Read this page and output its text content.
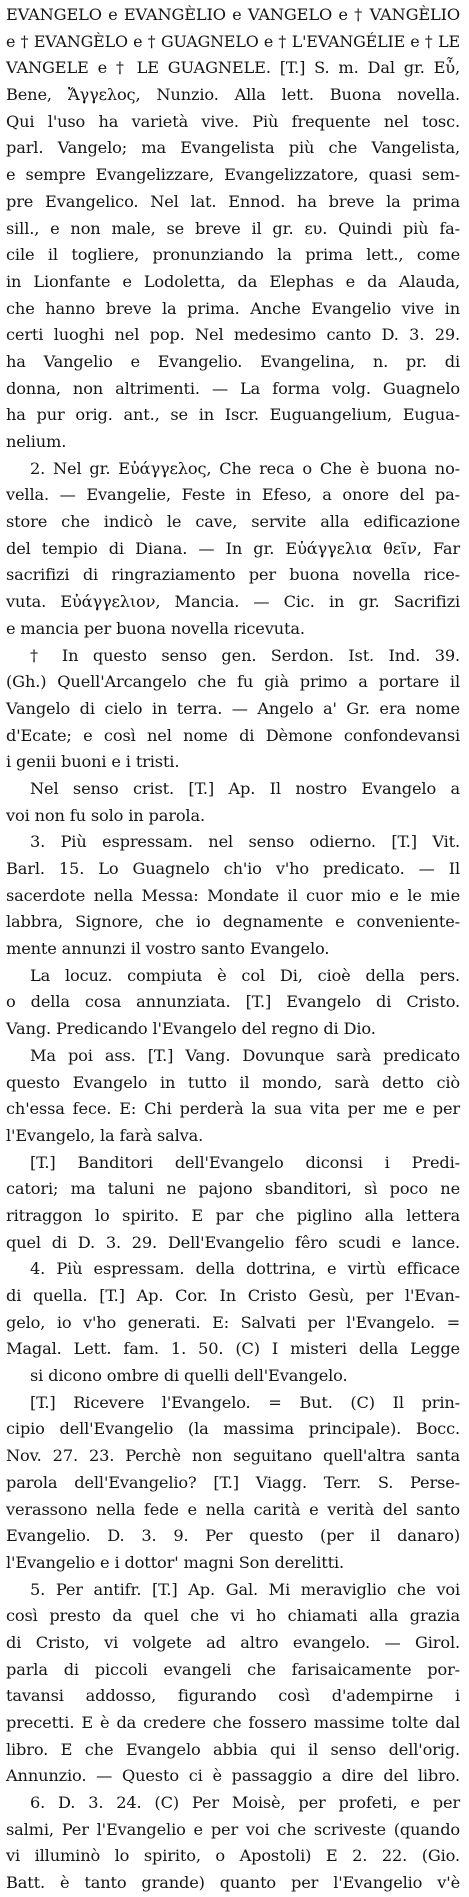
EVANGELO e EVANGÈLIO e VANGELO e † VANGÈLIO
e † EVANGÈLO e † GUAGNELO e † L'EVANGÉLIE e † LE
VANGELE e † LE GUAGNELE. [T.] S. m. Dal gr. Εὖ,
Bene, Ἄγγελος, Nunzio. Alla lett. Buona novella.
Qui l'uso ha varietà vive. Più frequente nel tosc.
parl. Vangelo; ma Evangelista più che Vangelista,
e sempre Evangelizzare, Evangelizzatore, quasi sem-
pre Evangelico. Nel lat. Ennod. ha breve la prima
sill., e non male, se breve il gr. ευ. Quindi più fa-
cile il togliere, pronunziando la prima lett., come
in Lionfante e Lodoletta, da Elephas e da Alauda,
che hanno breve la prima. Anche Evangelio vive in
certi luoghi nel pop. Nel medesimo canto D. 3. 29.
ha Vangelio e Evangelio. Evangelina, n. pr. di
donna, non altrimenti. — La forma volg. Guagnelo
ha pur orig. ant., se in Iscr. Euguangelium, Eugua-
nelium.
2. Nel gr. Εὐάγγελος, Che reca o Che è buona no-
vella. — Evangelie, Feste in Efeso, a onore del pa-
store che indicò le cave, servite alla edificazione
del tempio di Diana. — In gr. Εὐάγγελια θεῖν, Far
sacrifizi di ringraziamento per buona novella rice-
vuta. Εὐάγγελιον, Mancia. — Cic. in gr. Sacrifizi
e mancia per buona novella ricevuta.
† In questo senso gen. Serdon. Ist. Ind. 39.
(Gh.) Quell'Arcangelo che fu già primo a portare il
Vangelo di cielo in terra. — Angelo a' Gr. era nome
d'Ecate; e così nel nome di Dèmone confondevansi
i genii buoni e i tristi.
Nel senso crist. [T.] Ap. Il nostro Evangelo a
voi non fu solo in parola.
3. Più espressam. nel senso odierno. [T.] Vit.
Barl. 15. Lo Guagnelo ch'io v'ho predicato. — Il
sacerdote nella Messa: Mondate il cuor mio e le mie
labbra, Signore, che io degnamente e conveniente-
mente annunzi il vostro santo Evangelo.
La locuz. compiuta è col Di, cioè della pers.
o della cosa annunziata. [T.] Evangelo di Cristo.
Vang. Predicando l'Evangelo del regno di Dio.
Ma poi ass. [T.] Vang. Dovunque sarà predicato
questo Evangelo in tutto il mondo, sarà detto ciò
ch'essa fece. E: Chi perderà la sua vita per me e per
l'Evangelo, la farà salva.
[T.] Banditori dell'Evangelo diconsi i Predi-
catori; ma taluni ne pajono sbanditori, sì poco ne
ritraggon lo spirito. E par che piglino alla lettera
quel di D. 3. 29. Dell'Evangelio fêro scudi e lance.
4. Più espressam. della dottrina, e virtù efficace
di quella. [T.] Ap. Cor. In Cristo Gesù, per l'Evan-
gelo, io v'ho generati. E: Salvati per l'Evangelo. =
Magal. Lett. fam. 1. 50. (C) I misteri della Legge
si dicono ombre di quelli dell'Evangelo.
[T.] Ricevere l'Evangelo. = But. (C) Il prin-
cipio dell'Evangelio (la massima principale). Bocc.
Nov. 27. 23. Perchè non seguitano quell'altra santa
parola dell'Evangelio? [T.] Viagg. Terr. S. Perse-
verassono nella fede e nella carità e verità del santo
Evangelio. D. 3. 9. Per questo (per il danaro)
l'Evangelio e i dottor' magni Son derelitti.
5. Per antifr. [T.] Ap. Gal. Mi meraviglio che voi
così presto da quel che vi ho chiamati alla grazia
di Cristo, vi volgete ad altro evangelo. — Girol.
parla di piccoli evangeli che farisaicamente por-
tavansi addosso, figurando così d'adempirne i
precetti. E è da credere che fossero massime tolte dal
libro. E che Evangelo abbia qui il senso dell'orig.
Annunzio. — Questo ci è passaggio a dire del libro.
6. D. 3. 24. (C) Per Moisè, per profeti, e per
salmi, Per l'Evangelio e per voi che scriveste (quando
vi illuminò lo spirito, o Apostoli) E 2. 22. (Gio.
Batt. è tanto grande) quanto per l'Evangelio v'è
